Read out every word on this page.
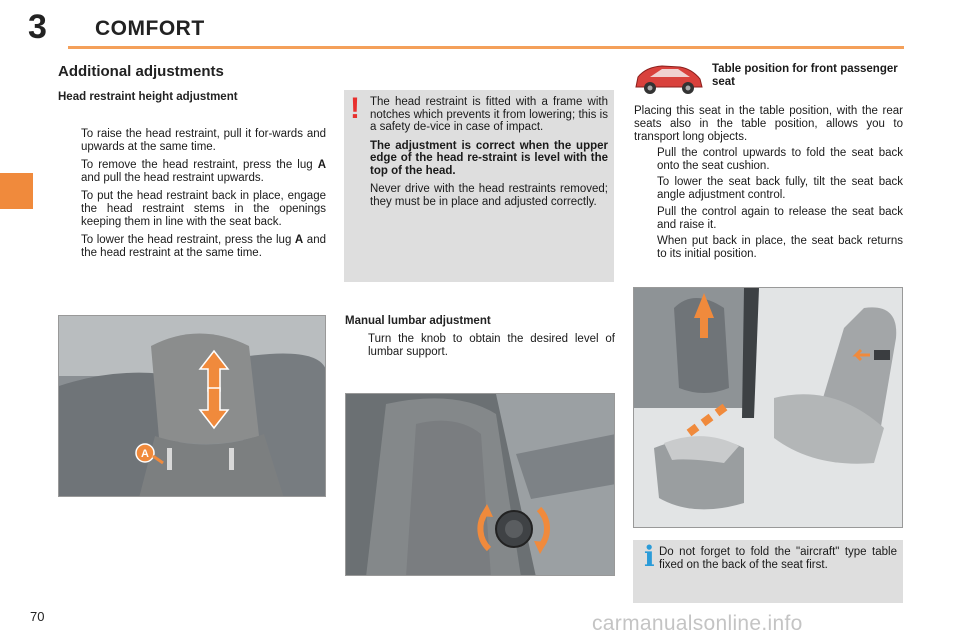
3 COMFORT
Additional adjustments
Head restraint height adjustment
To raise the head restraint, pull it for-wards and upwards at the same time.
To remove the head restraint, press the lug A and pull the head restraint upwards.
To put the head restraint back in place, engage the head restraint stems in the openings keeping them in line with the seat back.
To lower the head restraint, press the lug A and the head restraint at the same time.
A
! The head restraint is fitted with a frame with notches which prevents it from lowering; this is a safety de-vice in case of impact.

The adjustment is correct when the upper edge of the head re-straint is level with the top of the head.

Never drive with the head restraints removed; they must be in place and adjusted correctly.

Manual lumbar adjustment
Turn the knob to obtain the desired level of lumbar support.
Table position for front passenger seat
Placing this seat in the table position, with the rear seats also in the table position, allows you to transport long objects.
Pull the control upwards to fold the seat back onto the seat cushion.
To lower the seat back fully, tilt the seat back angle adjustment control.
Pull the control again to release the seat back and raise it.
When put back in place, the seat back returns to its initial position.
i Do not forget to fold the "aircraft" type table fixed on the back of the seat first.
70	carmanualsonline.info
